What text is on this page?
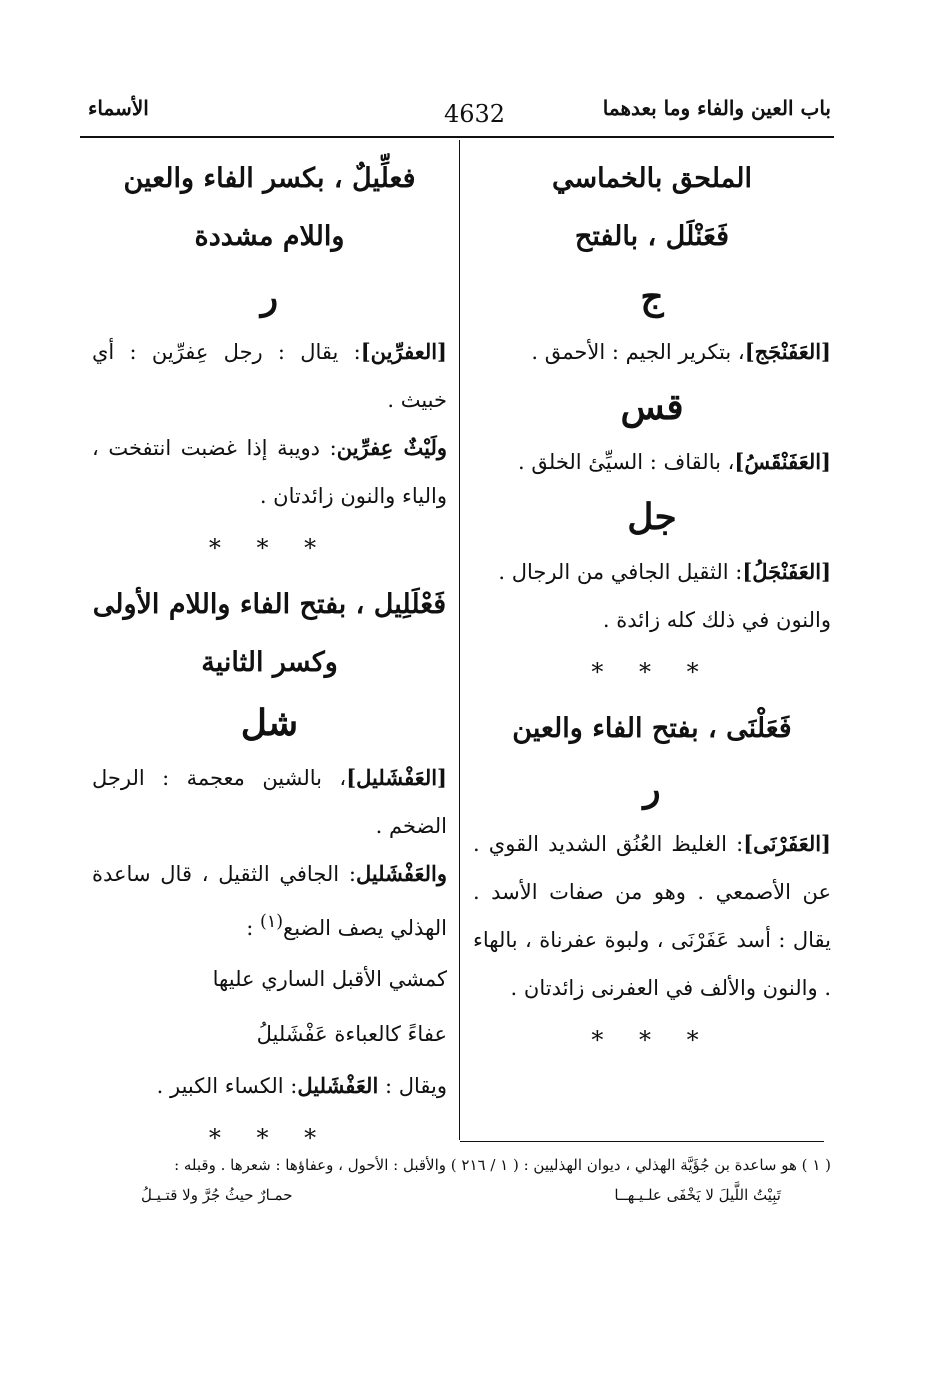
باب العين والفاء وما بعدهما
4632
الأسماء
الملحق بالخماسي
فَعَنْلَل ، بالفتح
ج

[العَفَنْجَج]، بتكرير الجيم : الأحمق .

قس

[العَفَنْقَسُ]، بالقاف : السيِّئ الخلق .

جل

[العَفَنْجَلُ]: الثقيل الجافي من الرجال .

والنون في ذلك كله زائدة .

* * *
فَعَلْنَى ، بفتح الفاء والعين
ر

[العَفَرْنَى]: الغليظ العُنُق الشديد القوي . عن الأصمعي . وهو من صفات الأسد . يقال : أسد عَفَرْنَى ، ولبوة عفرناة ، بالهاء . والنون والألف في العفرنى زائدتان .

* * *
فعلِّيلٌ ، بكسر الفاء والعين
واللام مشددة
ر

[العفرِّين]: يقال : رجل عِفرِّين : أي خبيث .

ولَيْثٌ عِفرِّين: دويبة إذا غضبت انتفخت ، والياء والنون زائدتان .

* * *
فَعْلَلِيل ، بفتح الفاء واللام الأولى
وكسر الثانية
شل

[العَفْشَليل]، بالشين معجمة : الرجل الضخم .

والعَفْشَليل: الجافي الثقيل ، قال ساعدة الهذلي يصف الضبع$^{(١)}$ :

كمشي الأقبل الساري عليها

عفاءً كالعباءة عَفْشَليلُ

ويقال : العَفْشَليل: الكساء الكبير .

* * *
( ١ ) هو ساعدة بن جُؤَيَّة الهذلي ، ديوان الهذليين : ( ١ / ٢١٦ ) والأقبل : الأحول ، وعفاؤها : شعرها . وقبله :
تَبِيْتُ اللَّيلَ لا يَخْفَى علـيـهــا
حمـارٌ حيثُ جُرَّ ولا قتـيـلُ
